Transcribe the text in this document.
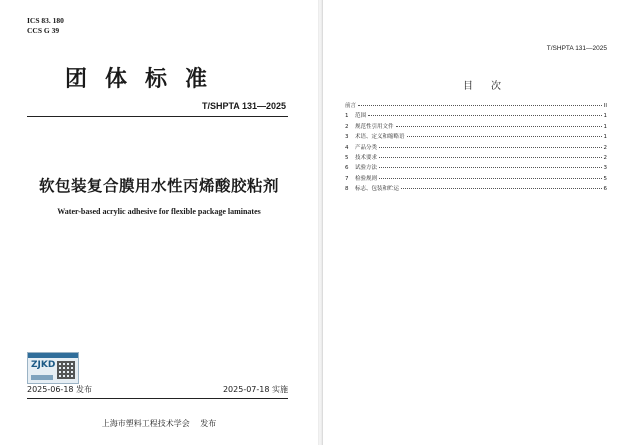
ICS 83. 180
CCS G 39
团体标准
T/SHPTA 131—2025
软包装复合膜用水性丙烯酸胶粘剂
Water-based acrylic adhesive for flexible package laminates
ZJKD
2025-06-18 发布	2025-07-18 实施
上海市塑料工程技术学会 发布
T/SHPTA 131—2025
目次
前言	II
1	范围	1
2	规范性引用文件	1
3	术语、定义和缩略语	1
4	产品分类	2
5	技术要求	2
6	试验方法	3
7	检验规则	5
8	标志、包装和贮运	6
